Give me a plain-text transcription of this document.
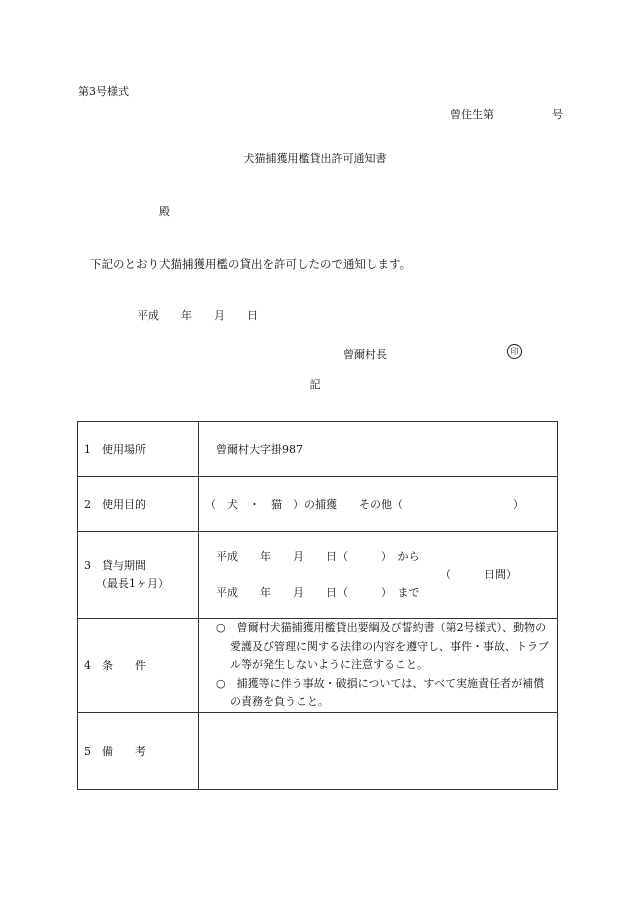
第3号様式
曾住生第	号
犬猫捕獲用檻貸出許可通知書
殿
下記のとおり犬猫捕獲用檻の貸出を許可したので通知します。
平成 年 月 日
曾爾村長	印
記
1　使用場所	曾爾村大字掛987
2　使用目的	（　犬　・　猫　）の捕獲　　その他（　　　　　　　　　　）

3　貸与期間
（最長1ヶ月）	平成　　年　　月　　日（　　　）　から
（　　　日間）
平成　　年　　月　　日（　　　）　まで

4　条　　件	○　曾爾村犬猫捕獲用檻貸出要綱及び誓約書（第2号様式）、動物の愛護及び管理に関する法律の内容を遵守し、事件・事故、トラブル等が発生しないように注意すること。
○　捕獲等に伴う事故・破損については、すべて実施責任者が補償の責務を負うこと。

5　備　　考	
